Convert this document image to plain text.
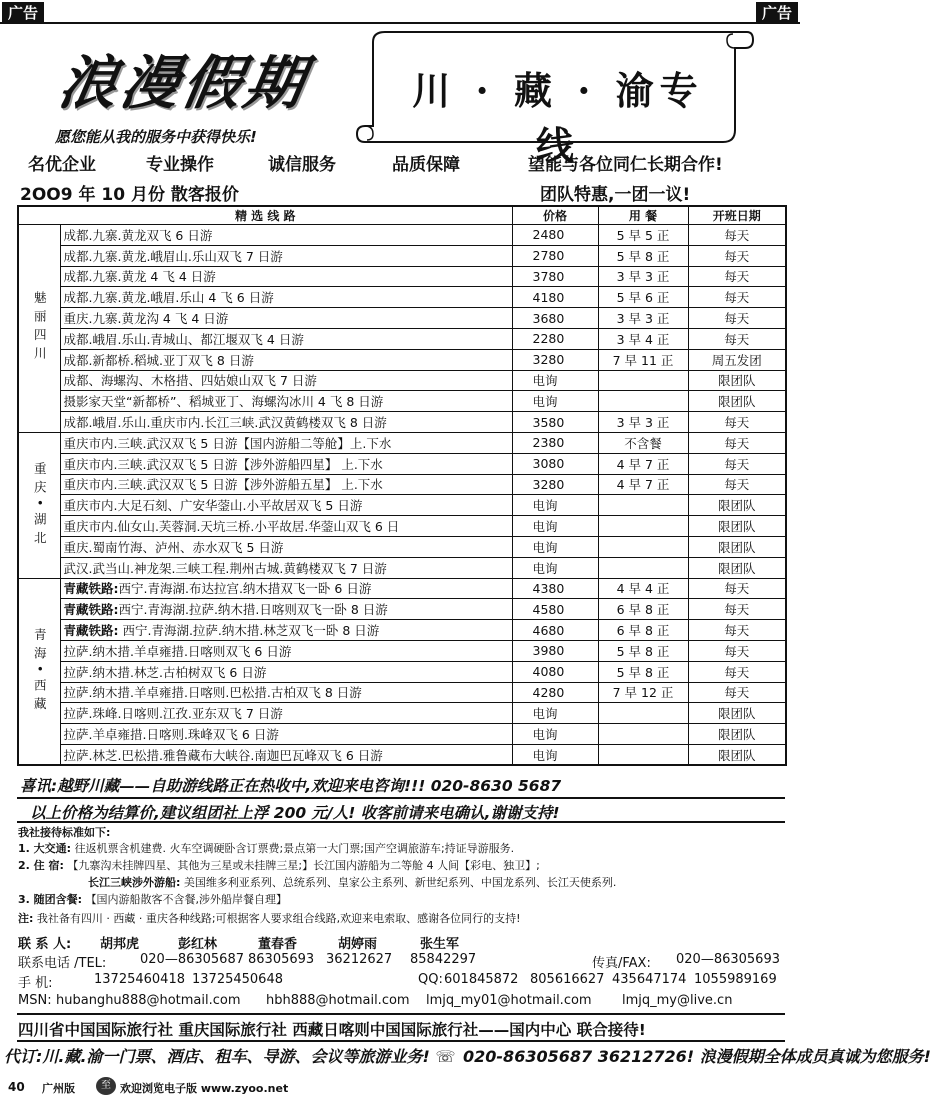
广告	广告
浪漫假期
愿您能从我的服务中获得快乐!
川 · 藏 · 渝专线
名优企业	专业操作	诚信服务	品质保障	望能与各位同仁长期合作!
2OO9 年 10 月份 散客报价	团队特惠,一团一议!
精 选 线 路		价格	用 餐	开班日期
魅丽四川	成都.九寨.黄龙双飞 6 日游	2480	5 早 5 正	每天
	成都.九寨.黄龙.峨眉山.乐山双飞 7 日游	2780	5 早 8 正	每天
	成都.九寨.黄龙 4 飞 4 日游	3780	3 早 3 正	每天
	成都.九寨.黄龙.峨眉.乐山 4 飞 6 日游	4180	5 早 6 正	每天
	重庆.九寨.黄龙沟 4 飞 4 日游	3680	3 早 3 正	每天
	成都.峨眉.乐山.青城山、都江堰双飞 4 日游	2280	3 早 4 正	每天
	成都.新都桥.稻城.亚丁双飞 8 日游	3280	7 早 11 正	周五发团
	成都、海螺沟、木格措、四姑娘山双飞 7 日游	电询		限团队
	摄影家天堂“新都桥”、稻城亚丁、海螺沟冰川 4 飞 8 日游	电询		限团队
	成都.峨眉.乐山.重庆市内.长江三峡.武汉黄鹤楼双飞 8 日游	3580	3 早 3 正	每天
重庆•湖北	重庆市内.三峡.武汉双飞 5 日游【国内游船二等舱】上.下水	2380	不含餐	每天
	重庆市内.三峡.武汉双飞 5 日游【涉外游船四星】 上.下水	3080	4 早 7 正	每天
	重庆市内.三峡.武汉双飞 5 日游【涉外游船五星】 上.下水	3280	4 早 7 正	每天
	重庆市内.大足石刻、广安华蓥山.小平故居双飞 5 日游	电询		限团队
	重庆市内.仙女山.芙蓉洞.天坑三桥.小平故居.华蓥山双飞 6 日	电询		限团队
	重庆.蜀南竹海、泸州、赤水双飞 5 日游	电询		限团队
	武汉.武当山.神龙架.三峡工程.荆州古城.黄鹤楼双飞 7 日游	电询		限团队
青海•西藏	青藏铁路:西宁.青海湖.布达拉宫.纳木措双飞一卧 6 日游	4380	4 早 4 正	每天
	青藏铁路:西宁.青海湖.拉萨.纳木措.日喀则双飞一卧 8 日游	4580	6 早 8 正	每天
	青藏铁路: 西宁.青海湖.拉萨.纳木措.林芝双飞一卧 8 日游	4680	6 早 8 正	每天
	拉萨.纳木措.羊卓雍措.日喀则双飞 6 日游	3980	5 早 8 正	每天
	拉萨.纳木措.林芝.古柏树双飞 6 日游	4080	5 早 8 正	每天
	拉萨.纳木措.羊卓雍措.日喀则.巴松措.古柏双飞 8 日游	4280	7 早 12 正	每天
	拉萨.珠峰.日喀则.江孜.亚东双飞 7 日游	电询		限团队
	拉萨.羊卓雍措.日喀则.珠峰双飞 6 日游	电询		限团队
	拉萨.林芝.巴松措.雅鲁藏布大峡谷.南迦巴瓦峰双飞 6 日游	电询		限团队
喜讯:越野川藏——自助游线路正在热收中,欢迎来电咨询!!! 020-8630 5687
以上价格为结算价,建议组团社上浮 200 元/人! 收客前请来电确认,谢谢支持!
我社接待标准如下:
1. 大交通: 往返机票含机建费. 火车空调硬卧含订票费;景点第一大门票;国产空调旅游车;持证导游服务.
2. 住 宿: 【九寨沟未挂牌四星、其他为三星或未挂牌三星;】长江国内游船为二等舱 4 人间【彩电、独卫】;
长江三峡涉外游船: 美国维多利亚系列、总统系列、皇家公主系列、新世纪系列、中国龙系列、长江天使系列.
3. 随团含餐: 【国内游船散客不含餐,涉外船岸餐自理】
注: 我社备有四川 · 西藏 · 重庆各种线路;可根据客人要求组合线路,欢迎来电索取、感谢各位同行的支持!
联 系 人: 胡邦虎	彭红林	董春香	胡婷雨	张生军
联系电话 /TEL:	020—86305687 86305693 36212627 85842297	传真/FAX: 020—86305693
手 机:	13725460418 13725450648	QQ: 601845872 805616627 435647174 1055989169
MSN: hubanghu888@hotmail.com hbh888@hotmail.com lmjq_my01@hotmail.com lmjq_my@live.cn
四川省中国国际旅行社 重庆国际旅行社 西藏日喀则中国国际旅行社——国内中心 联合接待!
代订:川.藏.渝一门票、酒店、租车、导游、会议等旅游业务! ☏ 020-86305687 36212726! 浪漫假期全体成员真诚为您服务!
40 广州版	至 欢迎浏览电子版 www.zyoo.net
